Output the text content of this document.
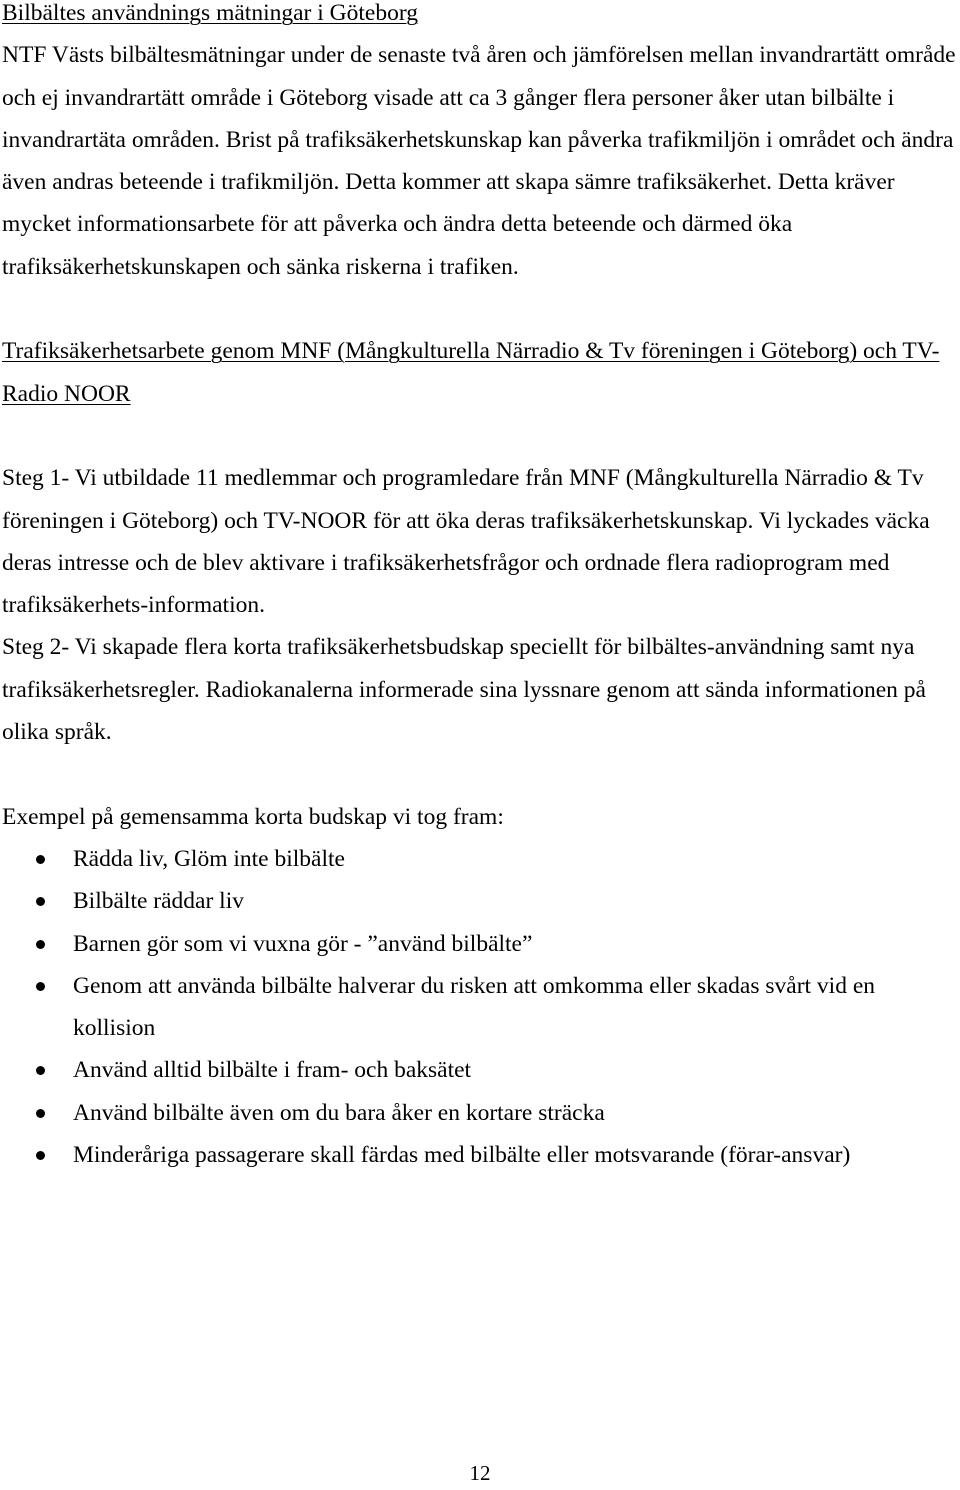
Bilbältes användnings mätningar i Göteborg

NTF Västs bilbältesmätningar under de senaste två åren och jämförelsen mellan invandrartätt område och ej invandrartätt område i Göteborg visade att ca 3 gånger flera personer åker utan bilbälte i invandrartäta områden. Brist på trafiksäkerhetskunskap kan påverka trafikmiljön i området och ändra även andras beteende i trafikmiljön. Detta kommer att skapa sämre trafiksäkerhet. Detta kräver mycket informationsarbete för att påverka och ändra detta beteende och därmed öka trafiksäkerhetskunskapen och sänka riskerna i trafiken.

Trafiksäkerhetsarbete genom MNF (Mångkulturella Närradio & Tv föreningen i Göteborg) och TV- Radio NOOR

Steg 1- Vi utbildade 11 medlemmar och programledare från MNF (Mångkulturella Närradio & Tv föreningen i Göteborg) och TV-NOOR för att öka deras trafiksäkerhetskunskap. Vi lyckades väcka deras intresse och de blev aktivare i trafiksäkerhetsfrågor och ordnade flera radioprogram med trafiksäkerhets-information.

Steg 2- Vi skapade flera korta trafiksäkerhetsbudskap speciellt för bilbältes-användning samt nya trafiksäkerhetsregler. Radiokanalerna informerade sina lyssnare genom att sända informationen på olika språk.

Exempel på gemensamma korta budskap vi tog fram:

Rädda liv, Glöm inte bilbälte
Bilbälte räddar liv
Barnen gör som vi vuxna gör - ”använd bilbälte”
Genom att använda bilbälte halverar du risken att omkomma eller skadas svårt vid en kollision
Använd alltid bilbälte i fram- och baksätet
Använd bilbälte även om du bara åker en kortare sträcka
Minderåriga passagerare skall färdas med bilbälte eller motsvarande (förar-ansvar)
12
